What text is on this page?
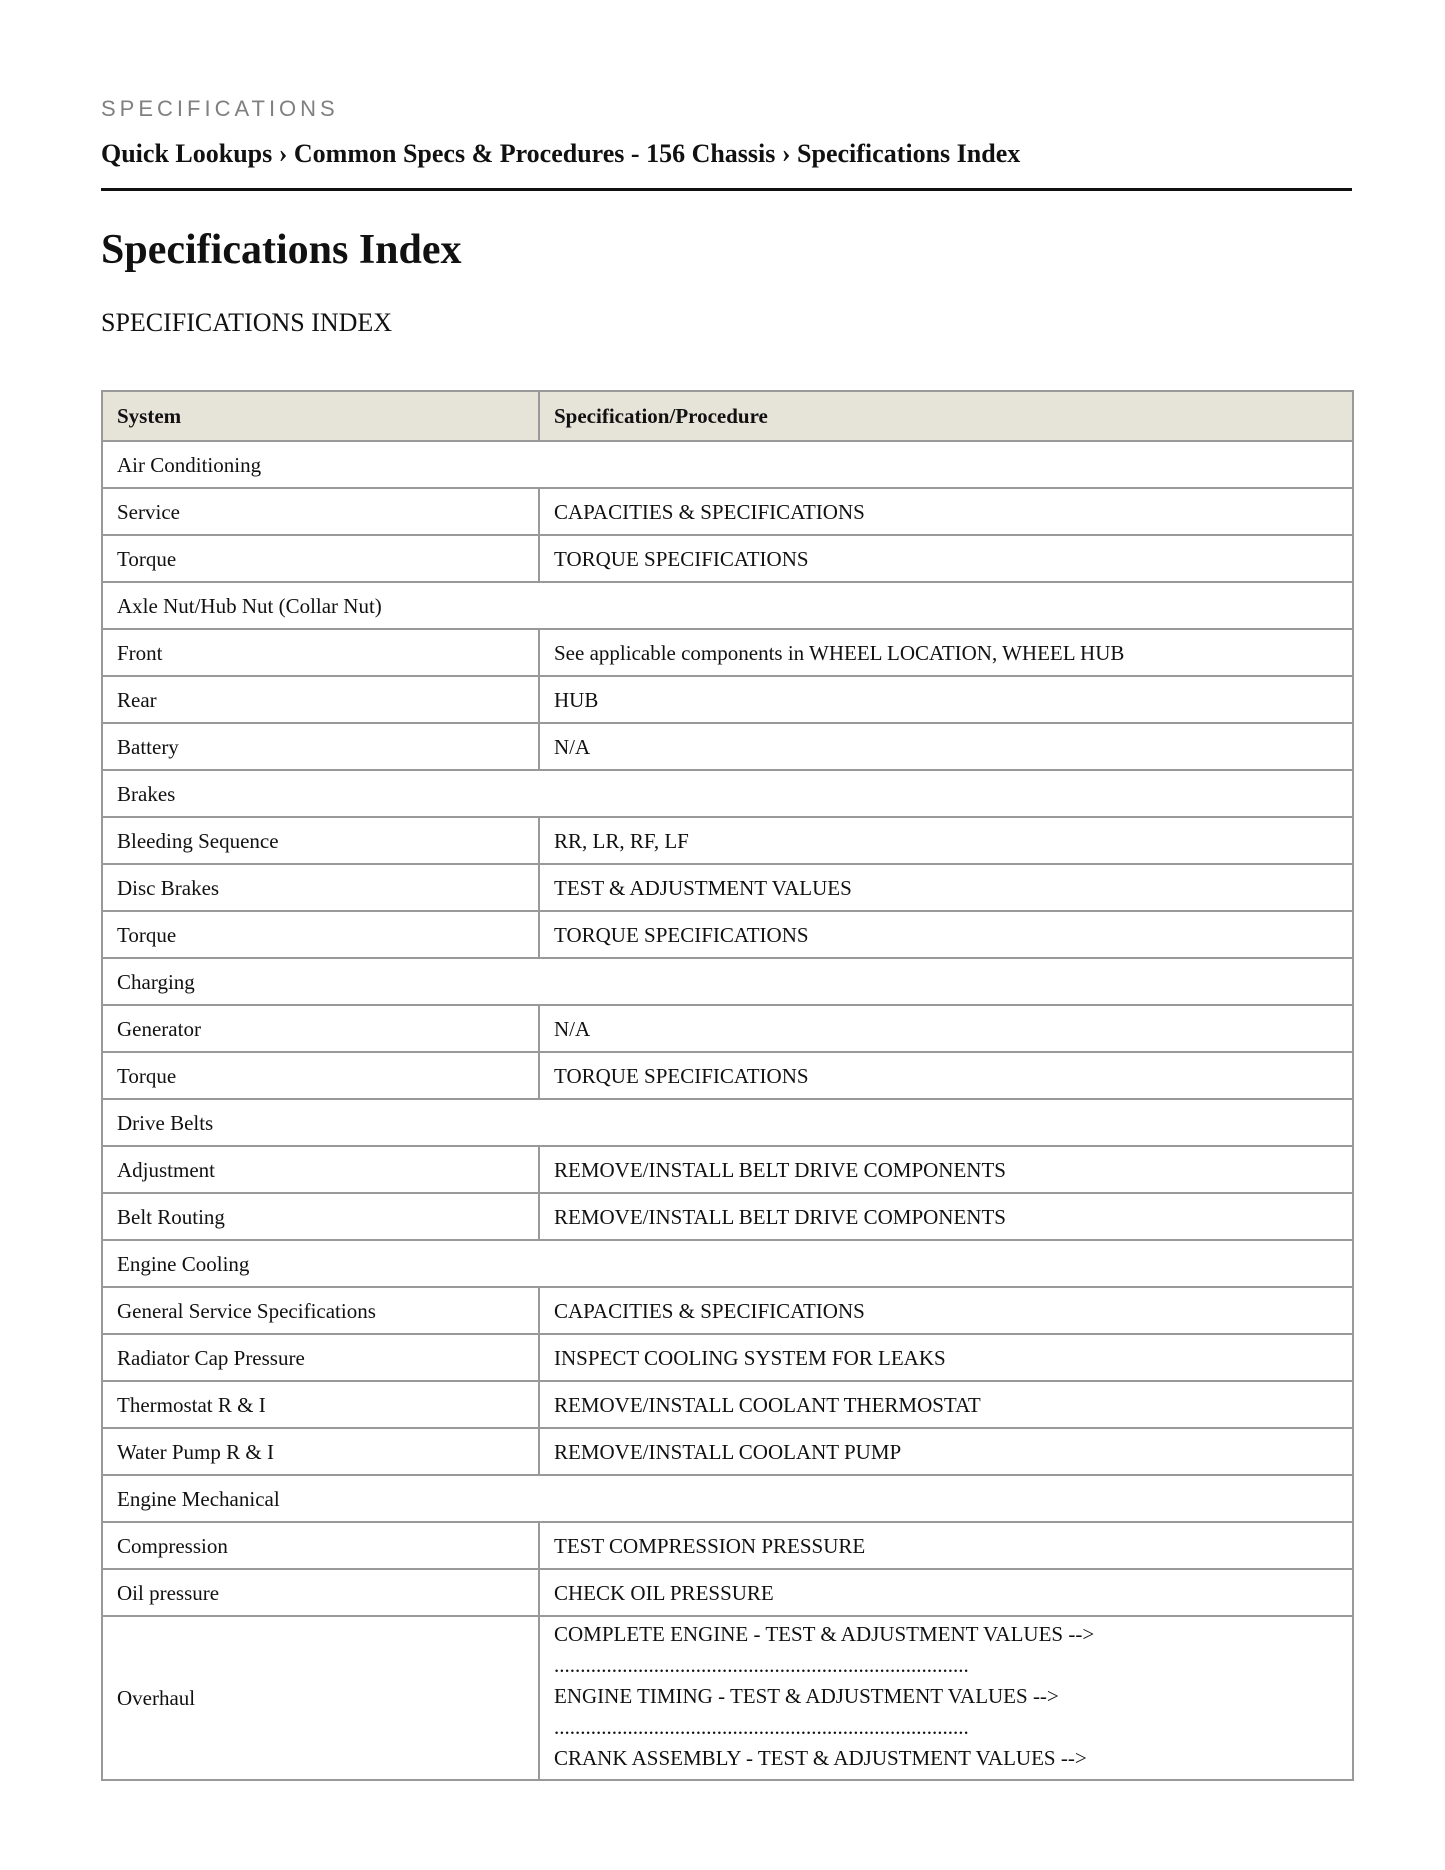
SPECIFICATIONS
Quick Lookups › Common Specs & Procedures - 156 Chassis › Specifications Index
Specifications Index
SPECIFICATIONS INDEX
System	Specification/Procedure
Air Conditioning	
Service	CAPACITIES & SPECIFICATIONS
Torque	TORQUE SPECIFICATIONS
Axle Nut/Hub Nut (Collar Nut)	
Front	See applicable components in WHEEL LOCATION, WHEEL HUB
Rear	HUB
Battery	N/A
Brakes	
Bleeding Sequence	RR, LR, RF, LF
Disc Brakes	TEST & ADJUSTMENT VALUES
Torque	TORQUE SPECIFICATIONS
Charging	
Generator	N/A
Torque	TORQUE SPECIFICATIONS
Drive Belts	
Adjustment	REMOVE/INSTALL BELT DRIVE COMPONENTS
Belt Routing	REMOVE/INSTALL BELT DRIVE COMPONENTS
Engine Cooling	
General Service Specifications	CAPACITIES & SPECIFICATIONS
Radiator Cap Pressure	INSPECT COOLING SYSTEM FOR LEAKS
Thermostat R & I	REMOVE/INSTALL COOLANT THERMOSTAT
Water Pump R & I	REMOVE/INSTALL COOLANT PUMP
Engine Mechanical	
Compression	TEST COMPRESSION PRESSURE
Oil pressure	CHECK OIL PRESSURE
Overhaul	COMPLETE ENGINE - TEST & ADJUSTMENT VALUES -->
...............................................................................
ENGINE TIMING - TEST & ADJUSTMENT VALUES -->
...............................................................................
CRANK ASSEMBLY - TEST & ADJUSTMENT VALUES -->
